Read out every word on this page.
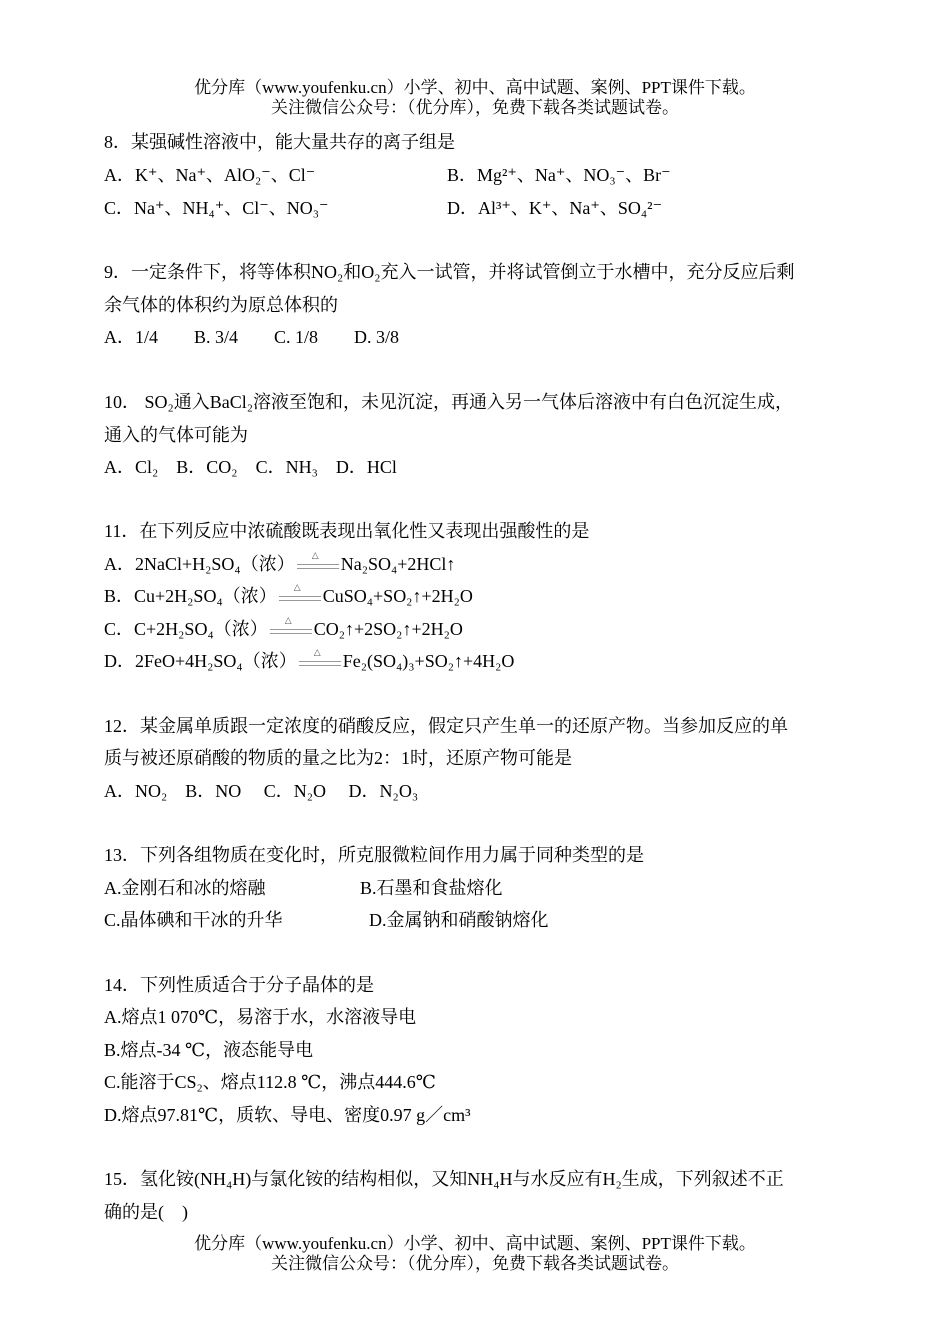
优分库（www.youfenku.cn）小学、初中、高中试题、案例、PPT课件下载。
关注微信公众号：（优分库），免费下载各类试题试卷。
8．某强碱性溶液中，能大量共存的离子组是
A．K⁺、Na⁺、AlO₂⁻、Cl⁻	B．Mg²⁺、Na⁺、NO₃⁻、Br⁻
C．Na⁺、NH₄⁺、Cl⁻、NO₃⁻	D．Al³⁺、K⁺、Na⁺、SO₄²⁻
9．一定条件下，将等体积NO₂和O₂充入一试管，并将试管倒立于水槽中，充分反应后剩
余气体的体积约为原总体积的
A．1/4　　B. 3/4　　C. 1/8　　D. 3/8
10． SO₂通入BaCl₂溶液至饱和，未见沉淀，再通入另一气体后溶液中有白色沉淀生成，
通入的气体可能为
A．Cl₂　B．CO₂　C．NH₃　D．HCl
11．在下列反应中浓硫酸既表现出氧化性又表现出强酸性的是
A．2NaCl+H₂SO₄（浓） △ Na₂SO₄+2HCl↑
B．Cu+2H₂SO₄（浓） △ CuSO₄+SO₂↑+2H₂O
C．C+2H₂SO₄（浓） △ CO₂↑+2SO₂↑+2H₂O
D．2FeO+4H₂SO₄（浓） △ Fe₂(SO₄)₃+SO₂↑+4H₂O
12．某金属单质跟一定浓度的硝酸反应，假定只产生单一的还原产物。当参加反应的单
质与被还原硝酸的物质的量之比为2：1时，还原产物可能是
A．NO₂　B．NO　 C．N₂O　 D．N₂O₃
13．下列各组物质在变化时，所克服微粒间作用力属于同种类型的是
A.金刚石和冰的熔融	B.石墨和食盐熔化
C.晶体碘和干冰的升华	D.金属钠和硝酸钠熔化
14．下列性质适合于分子晶体的是
A.熔点1 070℃，易溶于水，水溶液导电
B.熔点-34 ℃，液态能导电
C.能溶于CS₂、熔点112.8 ℃，沸点444.6℃
D.熔点97.81℃，质软、导电、密度0.97 g／cm³
15．氢化铵(NH₄H)与氯化铵的结构相似，又知NH₄H与水反应有H₂生成，下列叙述不正
确的是(　)
优分库（www.youfenku.cn）小学、初中、高中试题、案例、PPT课件下载。
关注微信公众号：（优分库），免费下载各类试题试卷。
